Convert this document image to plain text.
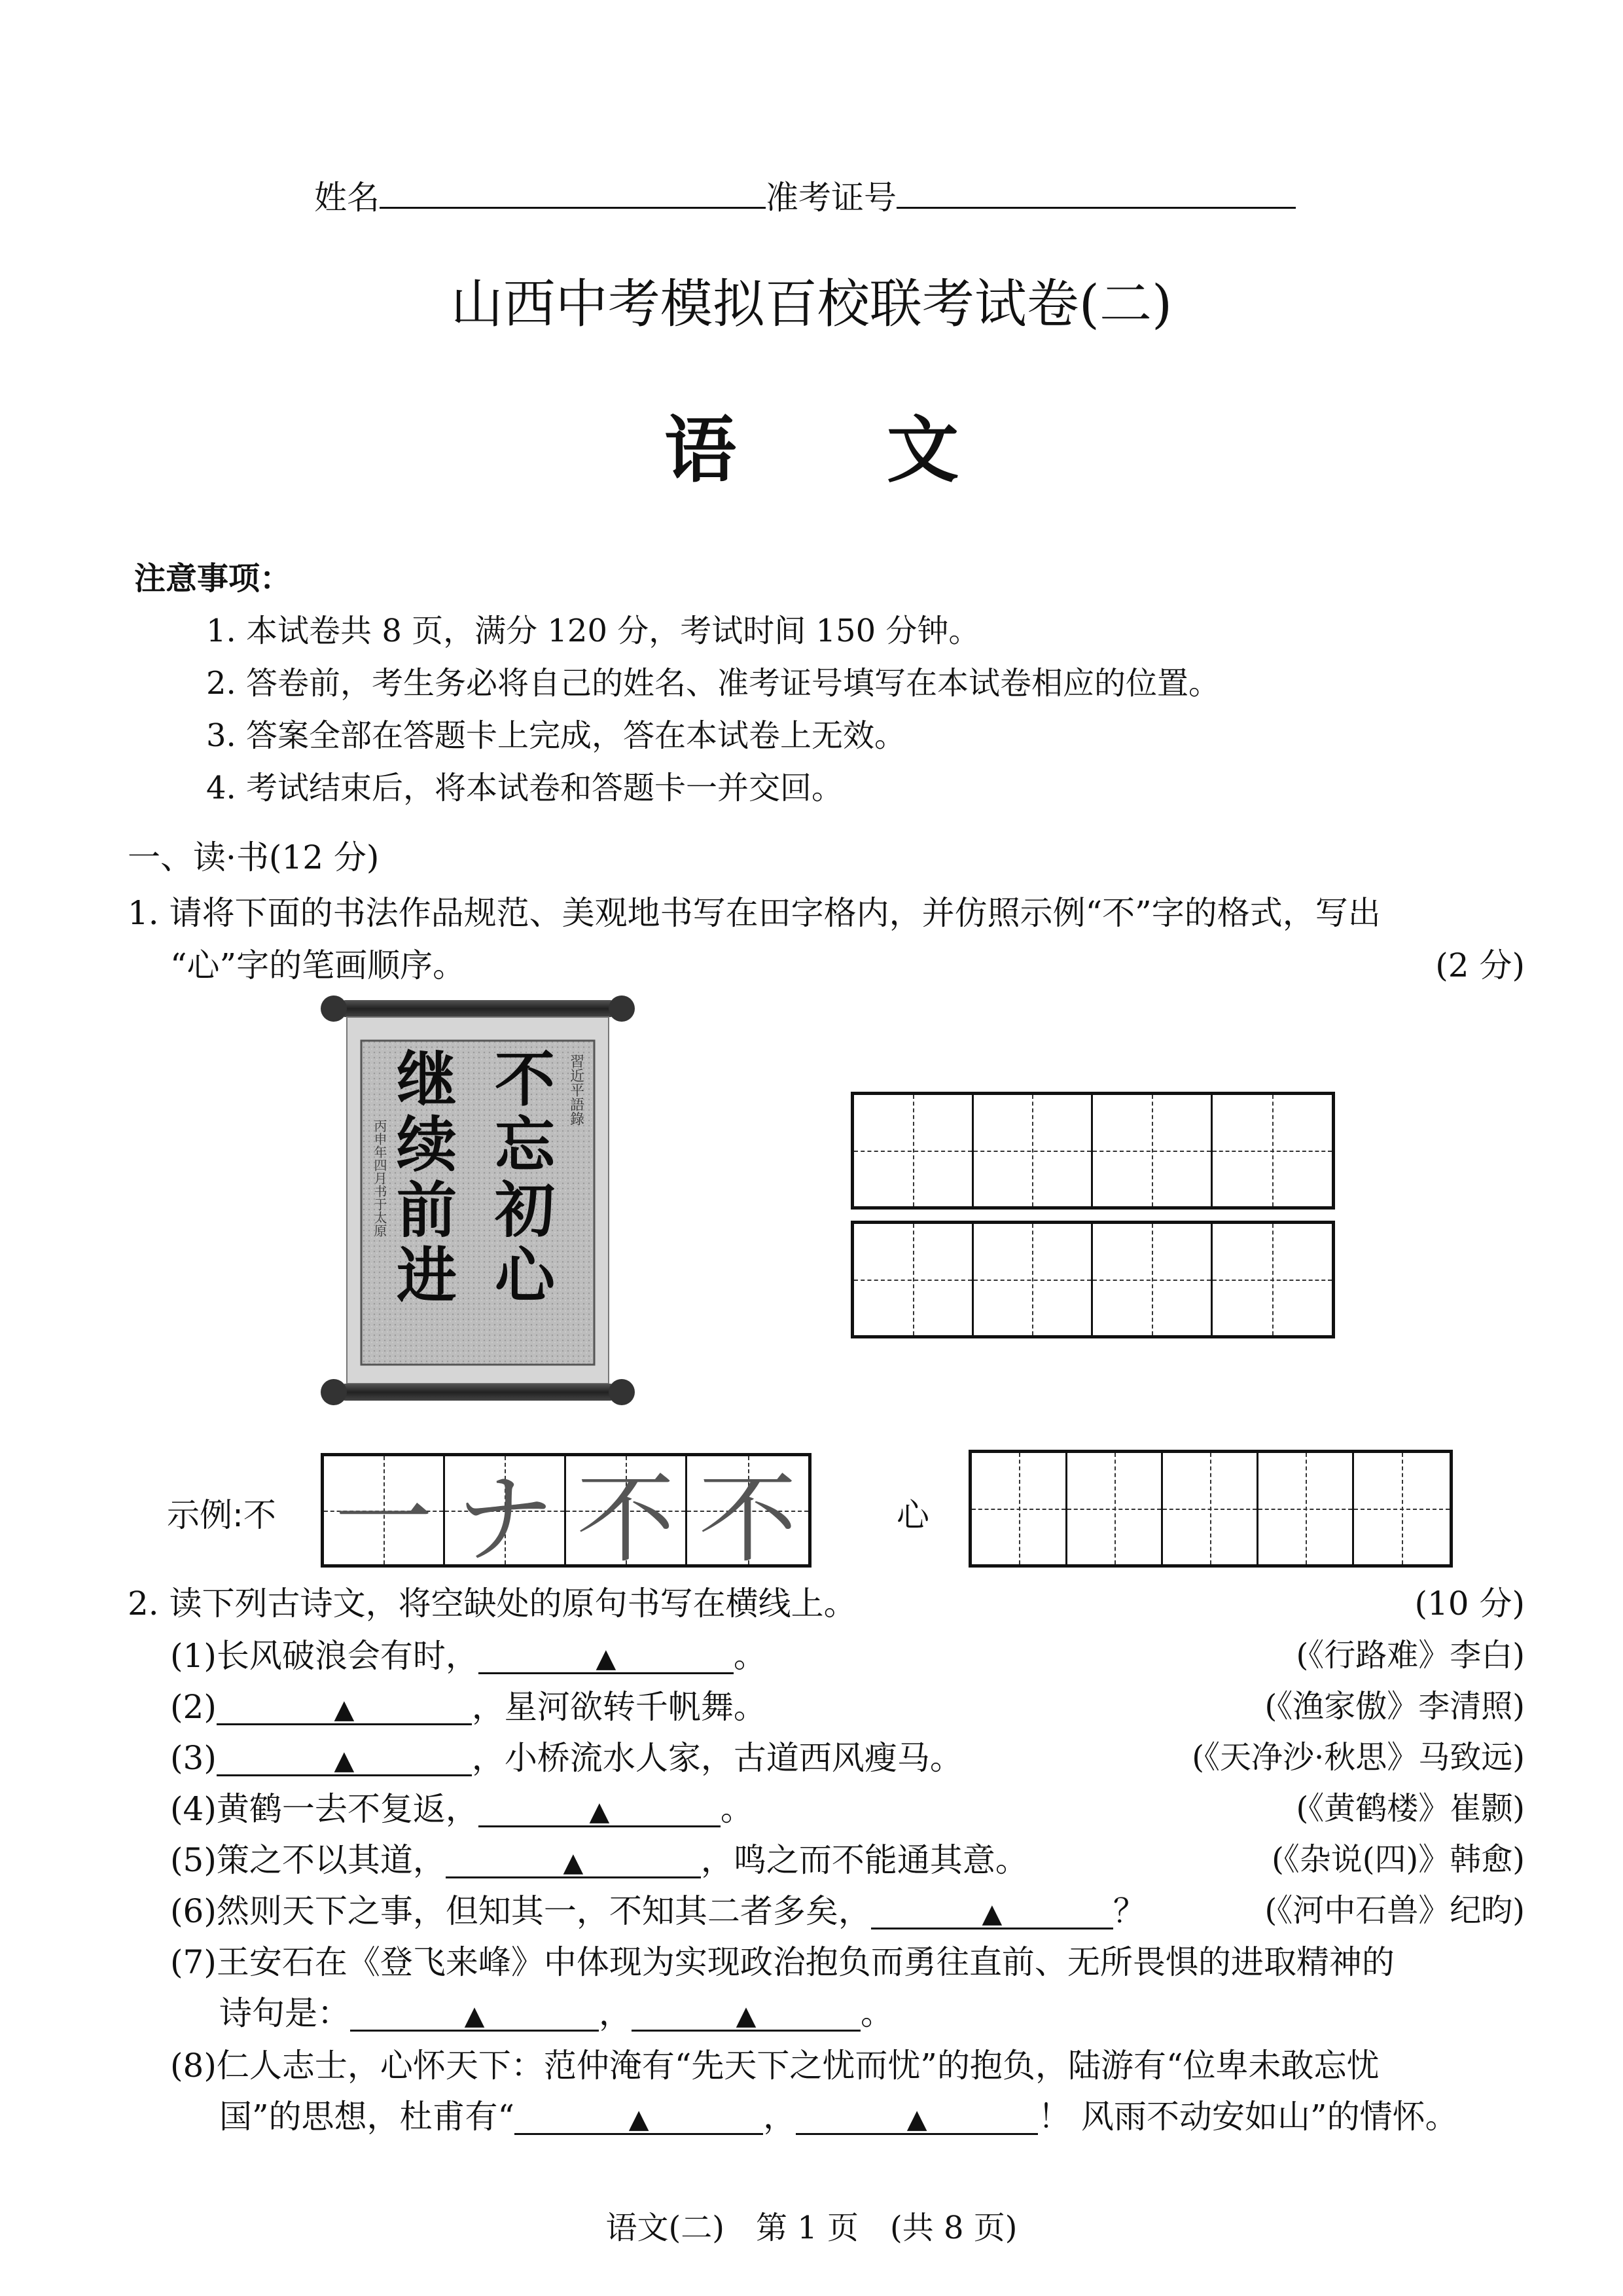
姓名	准考证号
山西中考模拟百校联考试卷(二)
语文
注意事项：
1. 本试卷共 8 页，满分 120 分，考试时间 150 分钟。
2. 答卷前，考生务必将自己的姓名、准考证号填写在本试卷相应的位置。
3. 答案全部在答题卡上完成，答在本试卷上无效。
4. 考试结束后，将本试卷和答题卡一并交回。
一、读·书(12 分)
1. 请将下面的书法作品规范、美观地书写在田字格内，并仿照示例“不”字的格式，写出
“心”字的笔画顺序。	(2 分)
不忘初心
继续前进	習近平語錄
丙申年四月书于太原
示例:不 一 ナ 不 不	心
2. 读下列古诗文，将空缺处的原句书写在横线上。	(10 分)
(1)长风破浪会有时，	▲	。	(《行路难》李白)
(2)	▲	，星河欲转千帆舞。	(《渔家傲》李清照)
(3)	▲	，小桥流水人家，古道西风瘦马。	(《天净沙·秋思》马致远)
(4)黄鹤一去不复返，	▲	。	(《黄鹤楼》崔颢)
(5)策之不以其道，	▲	，鸣之而不能通其意。	(《杂说(四)》韩愈)
(6)然则天下之事，但知其一，不知其二者多矣，	▲	？	(《河中石兽》纪昀)
(7)王安石在《登飞来峰》中体现为实现政治抱负而勇往直前、无所畏惧的进取精神的
诗句是：	▲	，	▲	。
(8)仁人志士，心怀天下：范仲淹有“先天下之忧而忧”的抱负，陆游有“位卑未敢忘忧
国”的思想，杜甫有“	▲	，	▲	！ 风雨不动安如山”的情怀。
语文(二)　第 1 页　(共 8 页)
